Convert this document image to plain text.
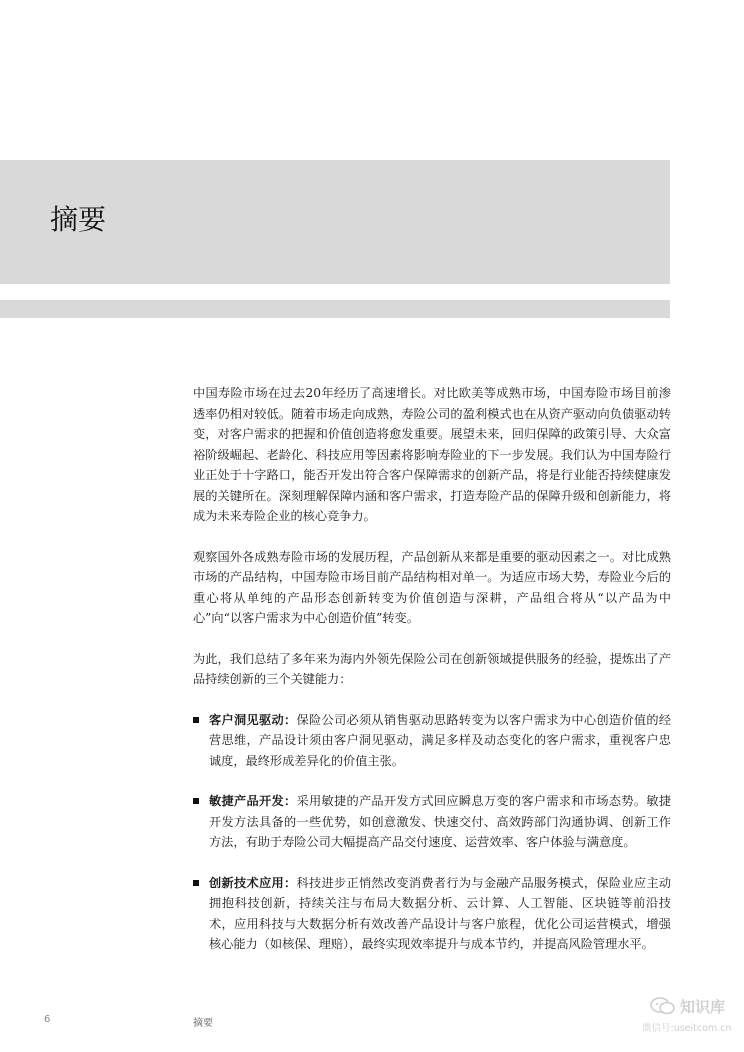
摘要

中国寿险市场在过去20年经历了高速增长。对比欧美等成熟市场，中国寿险市场目前渗透率仍相对较低。随着市场走向成熟，寿险公司的盈利模式也在从资产驱动向负债驱动转变，对客户需求的把握和价值创造将愈发重要。展望未来，回归保障的政策引导、大众富裕阶级崛起、老龄化、科技应用等因素将影响寿险业的下一步发展。我们认为中国寿险行业正处于十字路口，能否开发出符合客户保障需求的创新产品，将是行业能否持续健康发展的关键所在。深刻理解保障内涵和客户需求，打造寿险产品的保障升级和创新能力，将成为未来寿险企业的核心竞争力。

观察国外各成熟寿险市场的发展历程，产品创新从来都是重要的驱动因素之一。对比成熟市场的产品结构，中国寿险市场目前产品结构相对单一。为适应市场大势，寿险业今后的重心将从单纯的产品形态创新转变为价值创造与深耕，产品组合将从“以产品为中心”向“以客户需求为中心创造价值”转变。

为此，我们总结了多年来为海内外领先保险公司在创新领域提供服务的经验，提炼出了产品持续创新的三个关键能力：

客户洞见驱动：保险公司必须从销售驱动思路转变为以客户需求为中心创造价值的经营思维，产品设计须由客户洞见驱动，满足多样及动态变化的客户需求，重视客户忠诚度，最终形成差异化的价值主张。
敏捷产品开发：采用敏捷的产品开发方式回应瞬息万变的客户需求和市场态势。敏捷开发方法具备的一些优势，如创意激发、快速交付、高效跨部门沟通协调、创新工作方法，有助于寿险公司大幅提高产品交付速度、运营效率、客户体验与满意度。
创新技术应用：科技进步正悄然改变消费者行为与金融产品服务模式，保险业应主动拥抱科技创新，持续关注与布局大数据分析、云计算、人工智能、区块链等前沿技术，应用科技与大数据分析有效改善产品设计与客户旅程，优化公司运营模式，增强核心能力（如核保、理赔），最终实现效率提升与成本节约，并提高风险管理水平。
6	摘要
知识库
微信号:useitcom.cn
